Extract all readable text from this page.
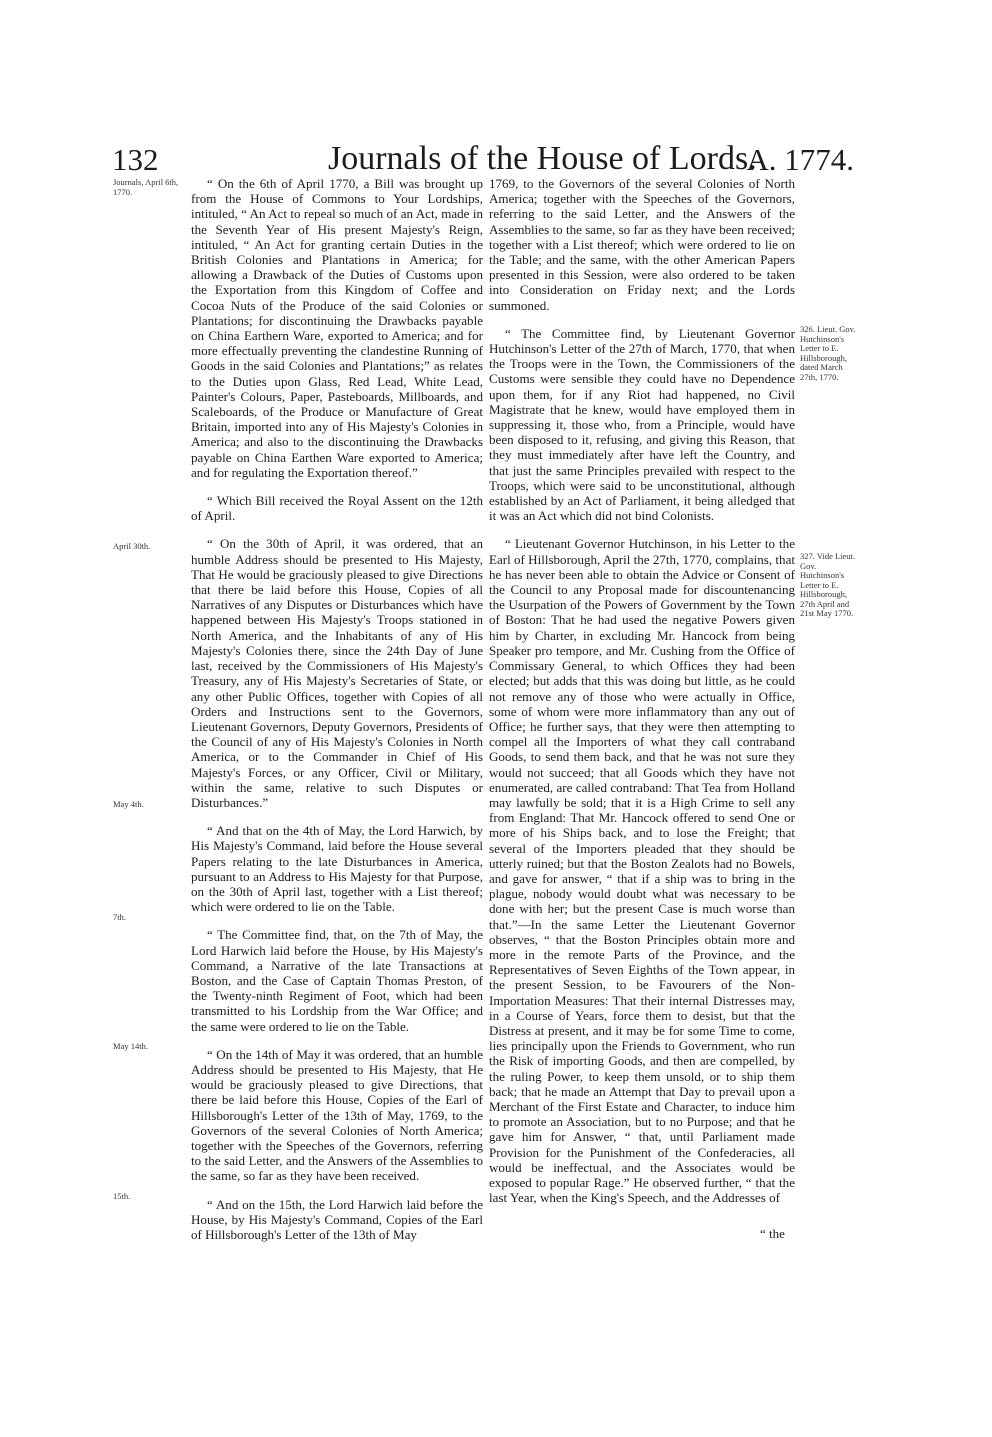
132	Journals of the House of Lords.
A. 1774.
Journals, April 6th, 1770.
April 30th.
May 4th.
7th.
May 14th.
15th.
326. Lieut. Gov. Hutchinson's Letter to E. Hillsborough, dated March 27th, 1770.
327. Vide Lieut. Gov. Hutchinson's Letter to E. Hillsborough, 27th April and 21st May 1770.

“ On the 6th of April 1770, a Bill was brought up from the House of Commons to Your Lordships, intituled, “ An Act to repeal so much of an Act, made in the Seventh Year of His present Majesty's Reign, intituled, “ An Act for granting certain Duties in the British Colonies and Plantations in America; for allowing a Drawback of the Duties of Customs upon the Exportation from this Kingdom of Coffee and Cocoa Nuts of the Produce of the said Colonies or Plantations; for discontinuing the Drawbacks payable on China Earthern Ware, exported to America; and for more effectually preventing the clandestine Running of Goods in the said Colonies and Plantations;” as relates to the Duties upon Glass, Red Lead, White Lead, Painter's Colours, Paper, Pasteboards, Millboards, and Scaleboards, of the Produce or Manufacture of Great Britain, imported into any of His Majesty's Colonies in America; and also to the discontinuing the Drawbacks payable on China Earthen Ware exported to America; and for regulating the Exportation thereof.”

“ Which Bill received the Royal Assent on the 12th of April.

“ On the 30th of April, it was ordered, that an humble Address should be presented to His Majesty, That He would be graciously pleased to give Directions that there be laid before this House, Copies of all Narratives of any Disputes or Disturbances which have happened between His Majesty's Troops stationed in North America, and the Inhabitants of any of His Majesty's Colonies there, since the 24th Day of June last, received by the Commissioners of His Majesty's Treasury, any of His Majesty's Secretaries of State, or any other Public Offices, together with Copies of all Orders and Instructions sent to the Governors, Lieutenant Governors, Deputy Governors, Presidents of the Council of any of His Majesty's Colonies in North America, or to the Commander in Chief of His Majesty's Forces, or any Officer, Civil or Military, within the same, relative to such Disputes or Disturbances.”

“ And that on the 4th of May, the Lord Harwich, by His Majesty's Command, laid before the House several Papers relating to the late Disturbances in America, pursuant to an Address to His Majesty for that Purpose, on the 30th of April last, together with a List thereof; which were ordered to lie on the Table.

“ The Committee find, that, on the 7th of May, the Lord Harwich laid before the House, by His Majesty's Command, a Narrative of the late Transactions at Boston, and the Case of Captain Thomas Preston, of the Twenty-ninth Regiment of Foot, which had been transmitted to his Lordship from the War Office; and the same were ordered to lie on the Table.

“ On the 14th of May it was ordered, that an humble Address should be presented to His Majesty, that He would be graciously pleased to give Directions, that there be laid before this House, Copies of the Earl of Hillsborough's Letter of the 13th of May, 1769, to the Governors of the several Colonies of North America; together with the Speeches of the Governors, referring to the said Letter, and the Answers of the Assemblies to the same, so far as they have been received.

“ And on the 15th, the Lord Harwich laid before the House, by His Majesty's Command, Copies of the Earl of Hillsborough's Letter of the 13th of May

1769, to the Governors of the several Colonies of North America; together with the Speeches of the Governors, referring to the said Letter, and the Answers of the Assemblies to the same, so far as they have been received; together with a List thereof; which were ordered to lie on the Table; and the same, with the other American Papers presented in this Session, were also ordered to be taken into Consideration on Friday next; and the Lords summoned.

“ The Committee find, by Lieutenant Governor Hutchinson's Letter of the 27th of March, 1770, that when the Troops were in the Town, the Commissioners of the Customs were sensible they could have no Dependence upon them, for if any Riot had happened, no Civil Magistrate that he knew, would have employed them in suppressing it, those who, from a Principle, would have been disposed to it, refusing, and giving this Reason, that they must immediately after have left the Country, and that just the same Principles prevailed with respect to the Troops, which were said to be unconstitutional, although established by an Act of Parliament, it being alledged that it was an Act which did not bind Colonists.

“ Lieutenant Governor Hutchinson, in his Letter to the Earl of Hillsborough, April the 27th, 1770, complains, that he has never been able to obtain the Advice or Consent of the Council to any Proposal made for discountenancing the Usurpation of the Powers of Government by the Town of Boston: That he had used the negative Powers given him by Charter, in excluding Mr. Hancock from being Speaker pro tempore, and Mr. Cushing from the Office of Commissary General, to which Offices they had been elected; but adds that this was doing but little, as he could not remove any of those who were actually in Office, some of whom were more inflammatory than any out of Office; he further says, that they were then attempting to compel all the Importers of what they call contraband Goods, to send them back, and that he was not sure they would not succeed; that all Goods which they have not enumerated, are called contraband: That Tea from Holland may lawfully be sold; that it is a High Crime to sell any from England: That Mr. Hancock offered to send One or more of his Ships back, and to lose the Freight; that several of the Importers pleaded that they should be utterly ruined; but that the Boston Zealots had no Bowels, and gave for answer, “ that if a ship was to bring in the plague, nobody would doubt what was necessary to be done with her; but the present Case is much worse than that.”—In the same Letter the Lieutenant Governor observes, “ that the Boston Principles obtain more and more in the remote Parts of the Province, and the Representatives of Seven Eighths of the Town appear, in the present Session, to be Favourers of the Non-Importation Measures: That their internal Distresses may, in a Course of Years, force them to desist, but that the Distress at present, and it may be for some Time to come, lies principally upon the Friends to Government, who run the Risk of importing Goods, and then are compelled, by the ruling Power, to keep them unsold, or to ship them back; that he made an Attempt that Day to prevail upon a Merchant of the First Estate and Character, to induce him to promote an Association, but to no Purpose; and that he gave him for Answer, “ that, until Parliament made Provision for the Punishment of the Confederacies, all would be ineffectual, and the Associates would be exposed to popular Rage.” He observed further, “ that the last Year, when the King's Speech, and the Addresses of

“ the
